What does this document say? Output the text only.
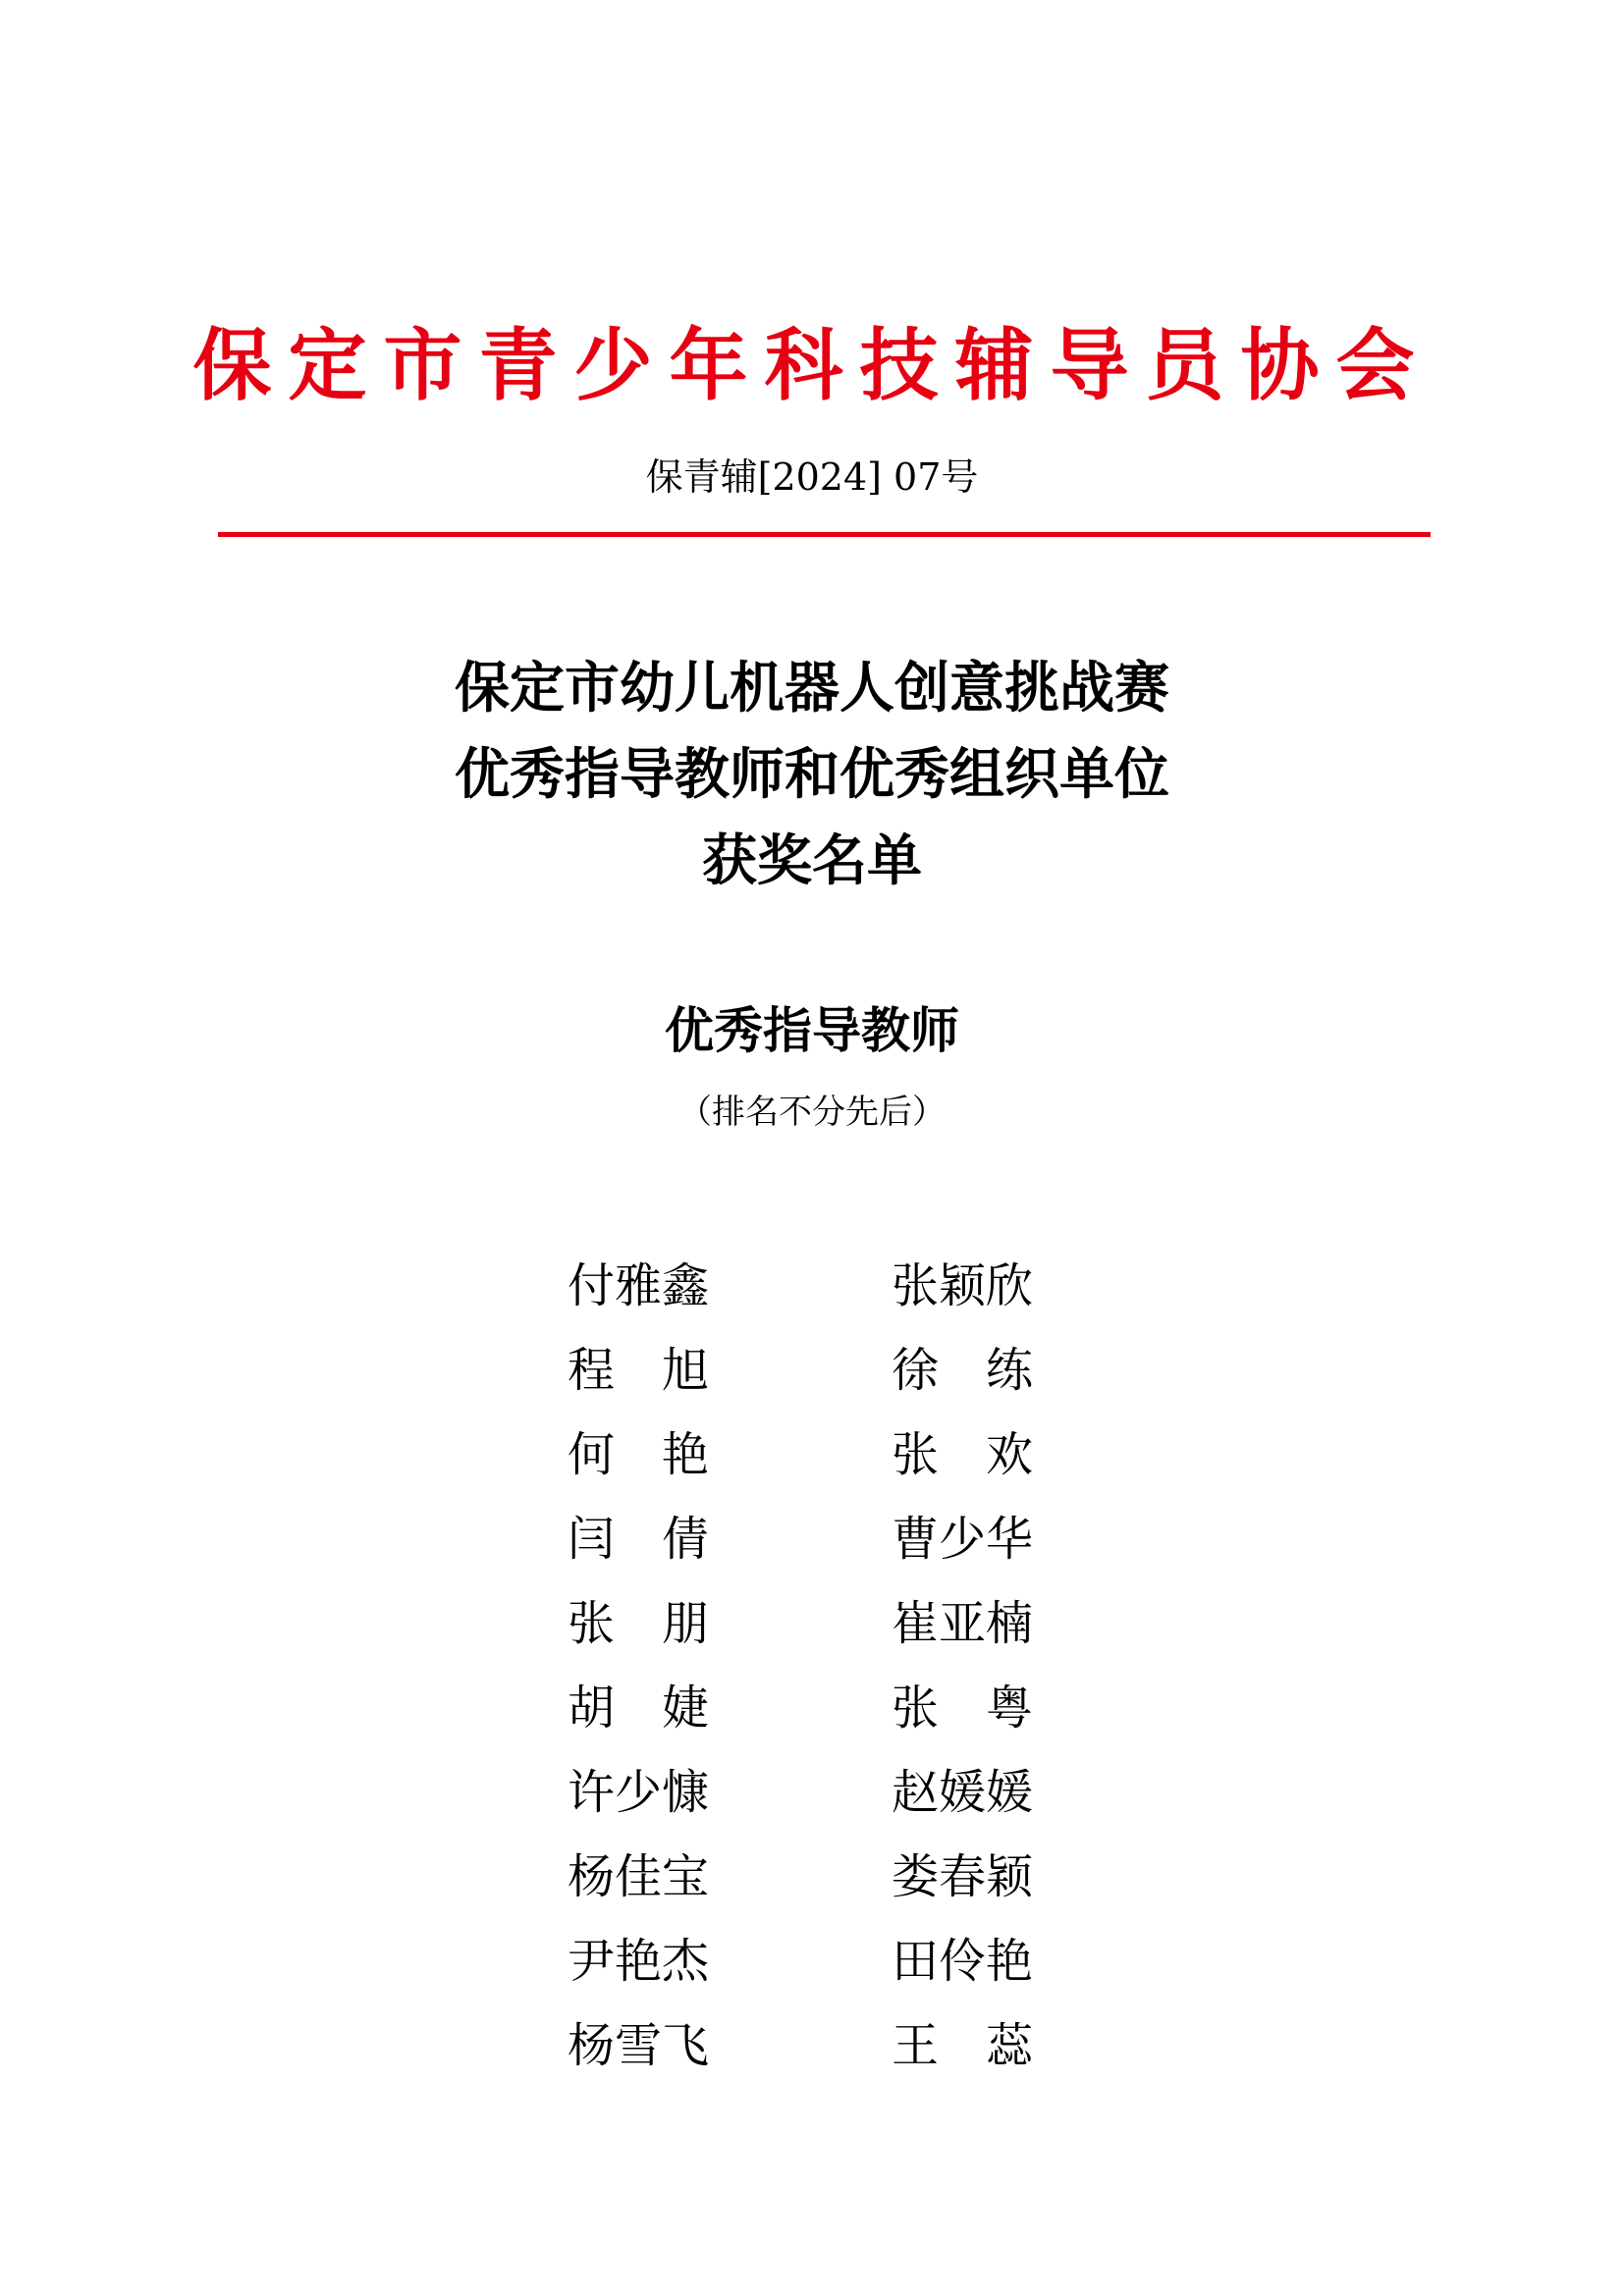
保定市青少年科技辅导员协会
保青辅[2024] 07号
保定市幼儿机器人创意挑战赛
优秀指导教师和优秀组织单位
获奖名单
优秀指导教师
（排名不分先后）
付雅鑫	张颖欣
程　旭	徐　练
何　艳	张　欢
闫　倩	曹少华
张　朋	崔亚楠
胡　婕	张　粤
许少慷	赵媛媛
杨佳宝	娄春颖
尹艳杰	田伶艳
杨雪飞	王　蕊
